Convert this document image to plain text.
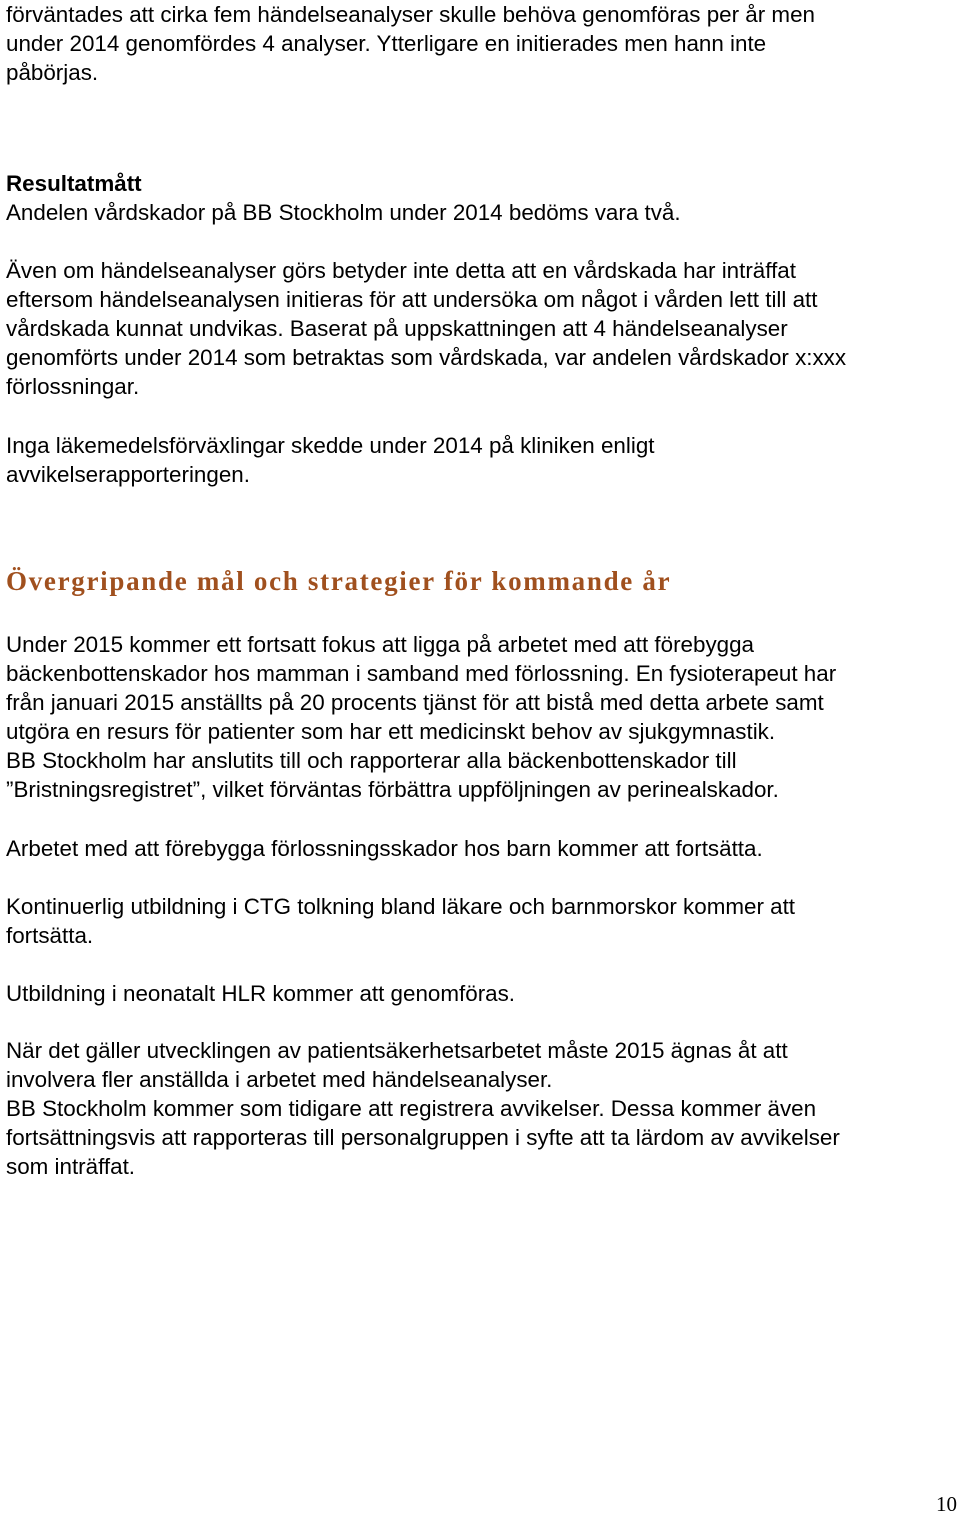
förväntades att cirka fem händelseanalyser skulle behöva genomföras per år men
under 2014 genomfördes 4 analyser. Ytterligare en initierades men hann inte
påbörjas.
Resultatmått
Andelen vårdskador på BB Stockholm under 2014 bedöms vara två.
Även om händelseanalyser görs betyder inte detta att en vårdskada har inträffat
eftersom händelseanalysen initieras för att undersöka om något i vården lett till att
vårdskada kunnat undvikas. Baserat på uppskattningen att 4 händelseanalyser
genomförts under 2014 som betraktas som vårdskada, var andelen vårdskador x:xxx
förlossningar.
Inga läkemedelsförväxlingar skedde under 2014 på kliniken enligt
avvikelserapporteringen.
Övergripande mål och strategier för kommande år
Under 2015 kommer ett fortsatt fokus att ligga på arbetet med att förebygga
bäckenbottenskador hos mamman i samband med förlossning. En fysioterapeut har
från januari 2015 anställts på 20 procents tjänst för att bistå med detta arbete samt
utgöra en resurs för patienter som har ett medicinskt behov av sjukgymnastik.
BB Stockholm har anslutits till och rapporterar alla bäckenbottenskador till
”Bristningsregistret”, vilket förväntas förbättra uppföljningen av perinealskador.
Arbetet med att förebygga förlossningsskador hos barn kommer att fortsätta.
Kontinuerlig utbildning i CTG tolkning bland läkare och barnmorskor kommer att
fortsätta.
Utbildning i neonatalt HLR kommer att genomföras.
När det gäller utvecklingen av patientsäkerhetsarbetet måste 2015 ägnas åt att
involvera fler anställda i arbetet med händelseanalyser.
BB Stockholm kommer som tidigare att registrera avvikelser. Dessa kommer även
fortsättningsvis att rapporteras till personalgruppen i syfte att ta lärdom av avvikelser
som inträffat.
10
